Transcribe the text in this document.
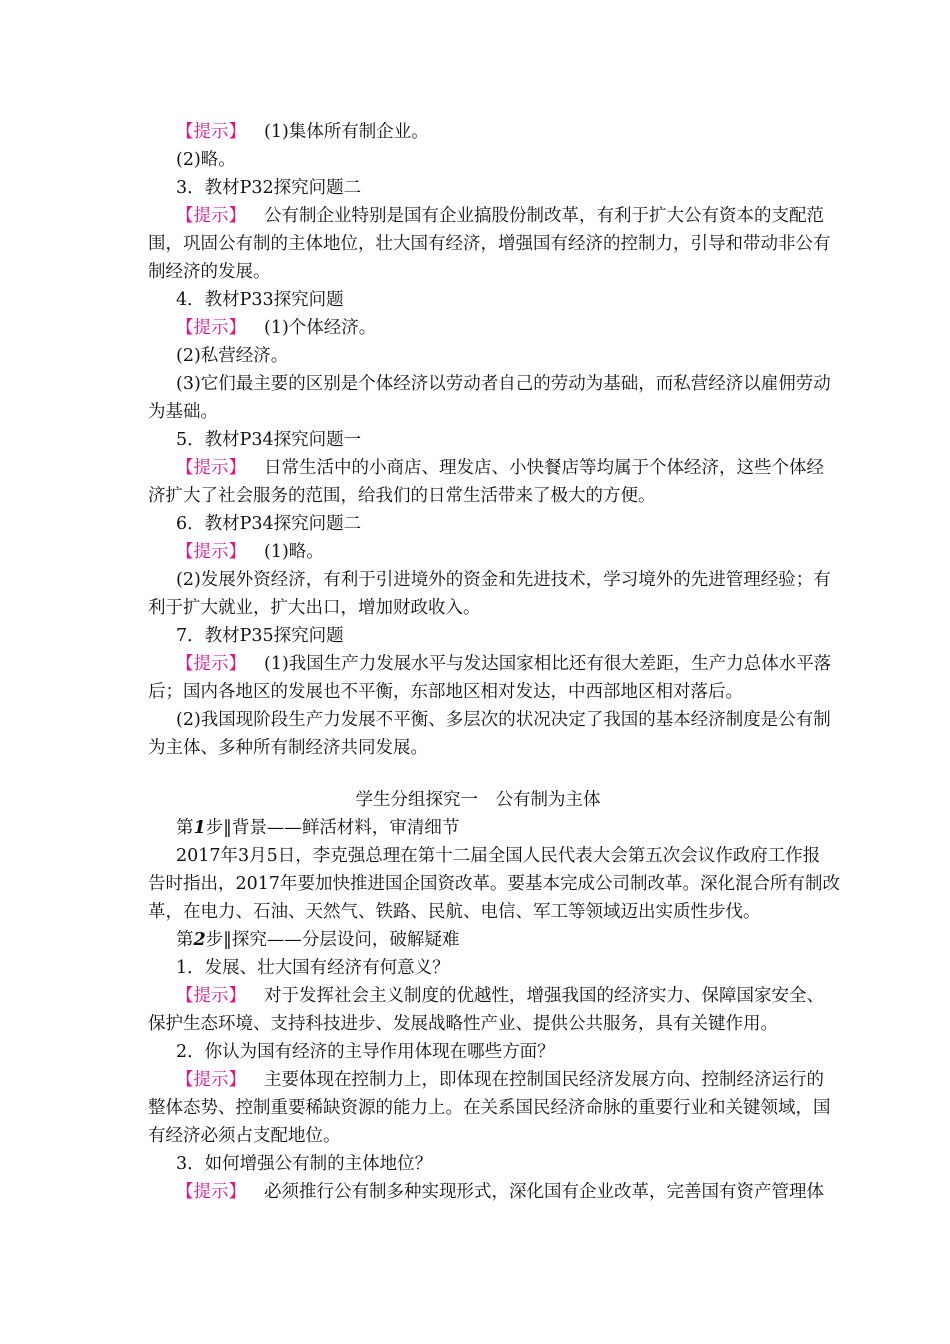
【提示】 (1)集体所有制企业。
(2)略。
3．教材P32探究问题二
【提示】 公有制企业特别是国有企业搞股份制改革，有利于扩大公有资本的支配范
围，巩固公有制的主体地位，壮大国有经济，增强国有经济的控制力，引导和带动非公有
制经济的发展。
4．教材P33探究问题
【提示】 (1)个体经济。
(2)私营经济。
(3)它们最主要的区别是个体经济以劳动者自己的劳动为基础，而私营经济以雇佣劳动
为基础。
5．教材P34探究问题一
【提示】 日常生活中的小商店、理发店、小快餐店等均属于个体经济，这些个体经
济扩大了社会服务的范围，给我们的日常生活带来了极大的方便。
6．教材P34探究问题二
【提示】 (1)略。
(2)发展外资经济，有利于引进境外的资金和先进技术，学习境外的先进管理经验；有
利于扩大就业，扩大出口，增加财政收入。
7．教材P35探究问题
【提示】 (1)我国生产力发展水平与发达国家相比还有很大差距，生产力总体水平落
后；国内各地区的发展也不平衡，东部地区相对发达，中西部地区相对落后。
(2)我国现阶段生产力发展不平衡、多层次的状况决定了我国的基本经济制度是公有制
为主体、多种所有制经济共同发展。
学生分组探究一　公有制为主体
第1步‖背景——鲜活材料，审清细节
2017年3月5日，李克强总理在第十二届全国人民代表大会第五次会议作政府工作报
告时指出，2017年要加快推进国企国资改革。要基本完成公司制改革。深化混合所有制改
革，在电力、石油、天然气、铁路、民航、电信、军工等领域迈出实质性步伐。
第2步‖探究——分层设问，破解疑难
1．发展、壮大国有经济有何意义？
【提示】 对于发挥社会主义制度的优越性，增强我国的经济实力、保障国家安全、
保护生态环境、支持科技进步、发展战略性产业、提供公共服务，具有关键作用。
2．你认为国有经济的主导作用体现在哪些方面？
【提示】 主要体现在控制力上，即体现在控制国民经济发展方向、控制经济运行的
整体态势、控制重要稀缺资源的能力上。在关系国民经济命脉的重要行业和关键领域，国
有经济必须占支配地位。
3．如何增强公有制的主体地位？
【提示】 必须推行公有制多种实现形式，深化国有企业改革，完善国有资产管理体
